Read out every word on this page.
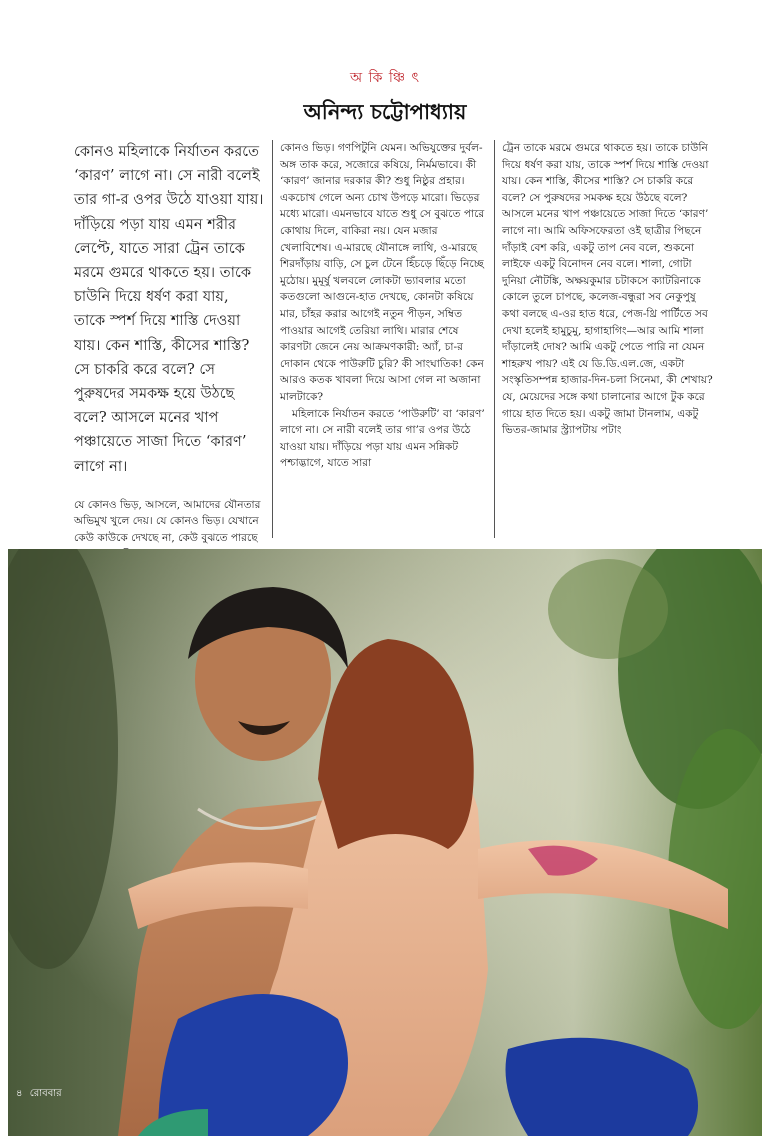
অ কি ঞ্চি ৎ
অনিন্দ্য চট্টোপাধ্যায়

কোনও মহিলাকে নির্যাতন করতে ‘কারণ’ লাগে না। সে নারী বলেই তার গা-র ওপর উঠে যাওয়া যায়। দাঁড়িয়ে পড়া যায় এমন শরীর লেপ্টে, যাতে সারা ট্রেন তাকে মরমে গুমরে থাকতে হয়। তাকে চাউনি দিয়ে ধর্ষণ করা যায়, তাকে স্পর্শ দিয়ে শাস্তি দেওয়া যায়। কেন শাস্তি, কীসের শাস্তি? সে চাকরি করে বলে? সে পুরুষদের সমকক্ষ হয়ে উঠছে বলে? আসলে মনের খাপ পঞ্চায়েতে সাজা দিতে ‘কারণ’ লাগে না।

যে কোনও ভিড়, আসলে, আমাদের যৌনতার অভিমুখ খুলে দেয়। যে কোনও ভিড়। যেখানে কেউ কাউকে দেখছে না, কেউ বুঝতে পারছে

কোনও ভিড়। গণপিটুনি যেমন। অভিযুক্তের দুর্বল-অঙ্গ তাক করে, সজোরে কষিয়ে, নির্মমভাবে। কী ‘কারণ’ জানার দরকার কী? শুধু নিষ্ঠুর প্রহার। একচোখ গেলে অন্য চোখ উপড়ে মারো। ভিড়ের মধ্যে মারো। এমনভাবে যাতে শুধু সে বুঝতে পারে কোথায় দিলে, বাকিরা নয়। যেন মজার খেলাবিশেষ। এ-মারছে যৌনাঙ্গে লাথি, ও-মারছে শিরদাঁড়ায় বাড়ি, সে চুল টেনে হিঁচড়ে ছিঁড়ে নিচ্ছে মুঠোয়। মুমূর্ষু খলবলে লোকটা ভ্যাবলার মতো কতগুলো আগুনে-হাত দেখছে, কোনটা কষিয়ে মার, চাঁহর করার আগেই নতুন পীড়ন, সম্বিত পাওয়ার আগেই তেরিয়া লাথি। মারার শেষে কারণটা জেনে নেয় আক্রমণকারী: অ্যাঁ, চা-র দোকান থেকে পাউরুটি চুরি? কী সাংঘাতিক! কেন আরও কতক খাবলা দিয়ে আসা গেল না অজানা মালটাকে?

মহিলাকে নির্যাতন করতে ‘পাউরুটি’ বা ‘কারণ’ লাগে না। সে নারী বলেই তার গা’র ওপর উঠে যাওয়া যায়। দাঁড়িয়ে পড়া যায় এমন সন্নিকট পশ্চাদ্ভাগে, যাতে সারা

ট্রেন তাকে মরমে গুমরে থাকতে হয়। তাকে চাউনি দিয়ে ধর্ষণ করা যায়, তাকে স্পর্শ দিয়ে শাস্তি দেওয়া যায়। কেন শাস্তি, কীসের শাস্তি? সে চাকরি করে বলে? সে পুরুষদের সমকক্ষ হয়ে উঠছে বলে? আসলে মনের খাপ পঞ্চায়েতে সাজা দিতে ‘কারণ’ লাগে না। আমি অফিসফেরতা ওই ছাত্রীর পিছনে দাঁড়াই বেশ করি, একটু তাপ নেব বলে, শুকনো লাইফে একটু বিনোদন নেব বলে। শালা, গোটা দুনিয়া নৌটঙ্কি, অক্ষয়কুমার চটাকসে ক্যাটরিনাকে কোলে তুলে চাপছে, কলেজ-বন্ধুরা সব নেকুপুষু কথা বলছে এ-ওর হাত ধরে, পেজ-থ্রি পার্টিতে সব দেখা হলেই হামুচুমু, হাগাহাগিং—আর আমি শালা দাঁড়ালেই দোষ? আমি একটু পেতে পারি না যেমন শাহরুখ পায়? এই যে ডি.ডি.এল.জে, একটা সংস্কৃতিসম্পন্ন হাজার-দিন-চলা সিনেমা, কী শেখায়? যে, মেয়েদের সঙ্গে কথা চালানোর আগে টুক করে গায়ে হাত দিতে হয়। একটু জামা টানলাম, একটু ভিতর-জামার স্ট্র্যাপটায় পটাং

৪ রোববার
